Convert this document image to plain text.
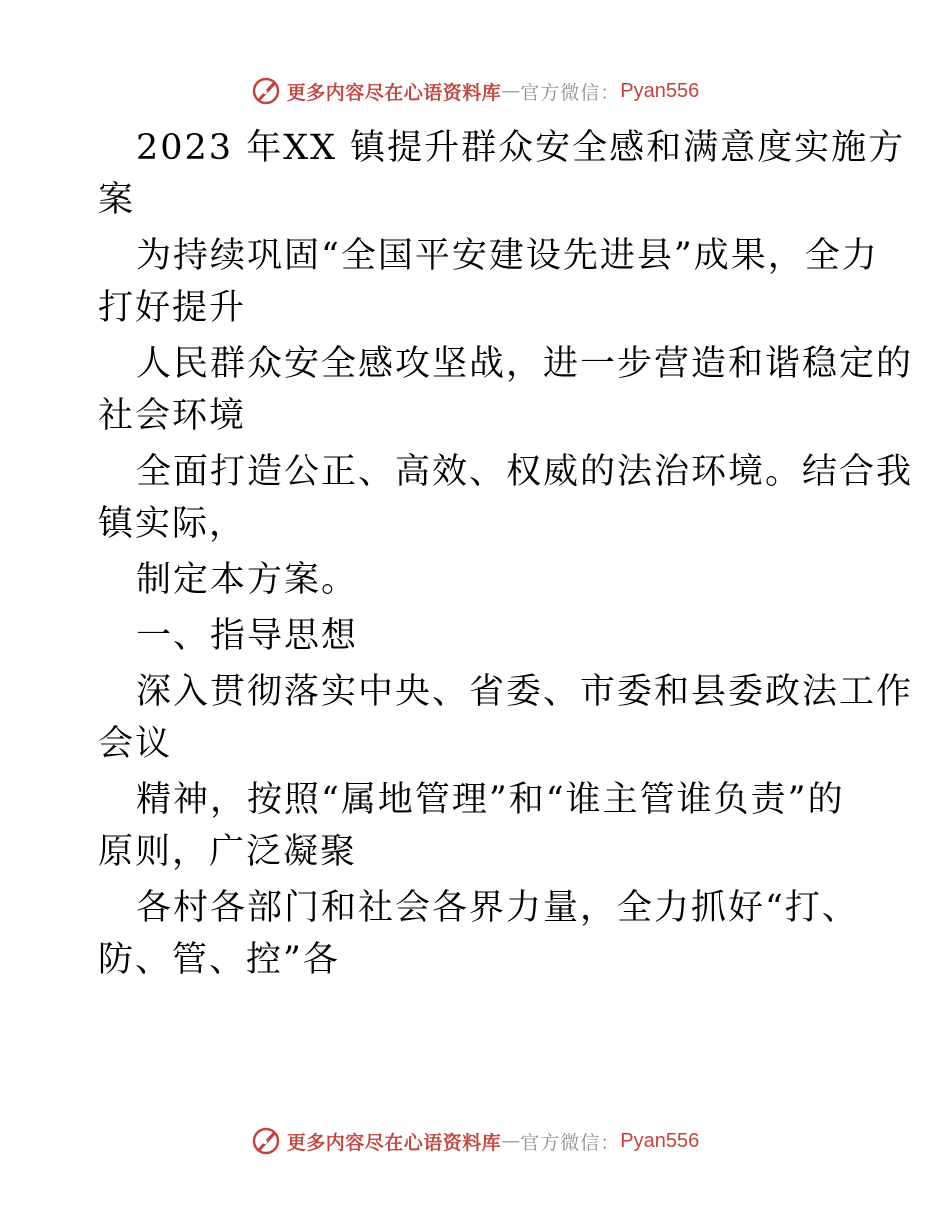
更多内容尽在心语资料库 — 官方微信： Pyan556
2023 年XX 镇提升群众安全感和满意度实施方
案
为持续巩固“全国平安建设先进县”成果，全力
打好提升
人民群众安全感攻坚战，进一步营造和谐稳定的
社会环境
全面打造公正、高效、权威的法治环境。结合我
镇实际，
制定本方案。
一、指导思想
深入贯彻落实中央、省委、市委和县委政法工作
会议
精神，按照“属地管理”和“谁主管谁负责”的
原则，广泛凝聚
各村各部门和社会各界力量，全力抓好“打、
防、管、控”各
更多内容尽在心语资料库 — 官方微信： Pyan556
